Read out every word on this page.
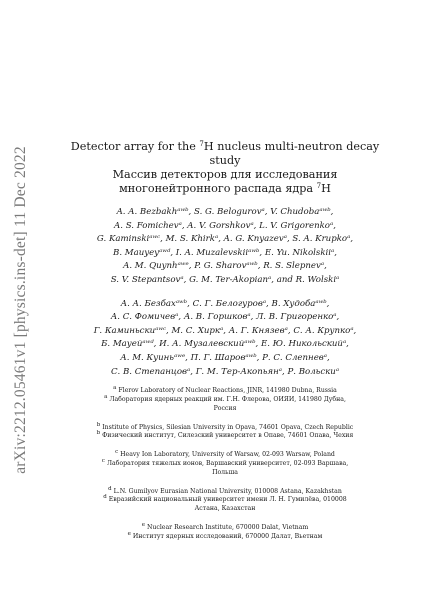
arXiv:2212.05461v1 [physics.ins-det] 11 Dec 2022	Detector array for the $^7$H nucleus multi-neutron decay
study
Массив детекторов для исследования
многонейтронного распада ядра $^7$H
A. A. Bezbakhᵃʷᵇ, S. G. Belogurovᵃ, V. Chudobaᵃʷᵇ,
A. S. Fomichevᵃ, A. V. Gorshkovᵃ, L. V. Grigorenkoᵃ,
G. Kaminskiᵃʷᶜ, M. S. Khirkᵃ, A. G. Knyazevᵃ, S. A. Krupkoᵃ,
B. Mauyeyᵃʷᵈ, I. A. Muzalevskiiᵃʷᵇ, E. Yu. Nikolskiiᵃ,
A. M. Quynhᵃʷᵉ, P. G. Sharovᵃʷᵇ, R. S. Slepnevᵃ,
S. V. Stepantsovᵃ, G. M. Ter-Akopianᵃ, and R. Wolskiᵃ
А. А. Безбахᵃʷᵇ, С. Г. Белогуровᵃ, В. Худобаᵃʷᵇ,
А. С. Фомичевᵃ, А. В. Горшковᵃ, Л. В. Григоренкоᵃ,
Г. Каминьскиᵃʷᶜ, М. С. Хиркᵃ, А. Г. Князевᵃ, С. А. Крупкоᵃ,
Б. Мауейᵃʷᵈ, И. А. Музалевскийᵃʷᵇ, Е. Ю. Никольскийᵃ,
А. М. Куиньᵃʷᵉ, П. Г. Шаровᵃʷᵇ, Р. С. Слепневᵃ,
С. В. Степанцовᵃ, Г. М. Тер-Акопьянᵃ, Р. Вольскиᵃ
$^a$ Flerov Laboratory of Nuclear Reactions, JINR, 141980 Dubna, Russia
$^a$ Лаборатория ядерных реакций им. Г.Н. Флерова, ОИЯИ, 141980 Дубна,
Россия
$^b$ Institute of Physics, Silesian University in Opava, 74601 Opava, Czech Republic
$^b$ Физический институт, Силезский университет в Опаве, 74601 Опава, Чехия
$^c$ Heavy Ion Laboratory, University of Warsaw, 02-093 Warsaw, Poland
$^c$ Лаборатория тяжелых ионов, Варшавский университет, 02-093 Варшава,
Польша
$^d$ L.N. Gumilyov Eurasian National University, 010008 Astana, Kazakhstan
$^d$ Евразийский национальный университет имени Л. Н. Гумилёва, 010008
Астана, Казахстан
$^e$ Nuclear Research Institute, 670000 Dalat, Vietnam
$^e$ Институт ядерных исследований, 670000 Далат, Вьетнам
